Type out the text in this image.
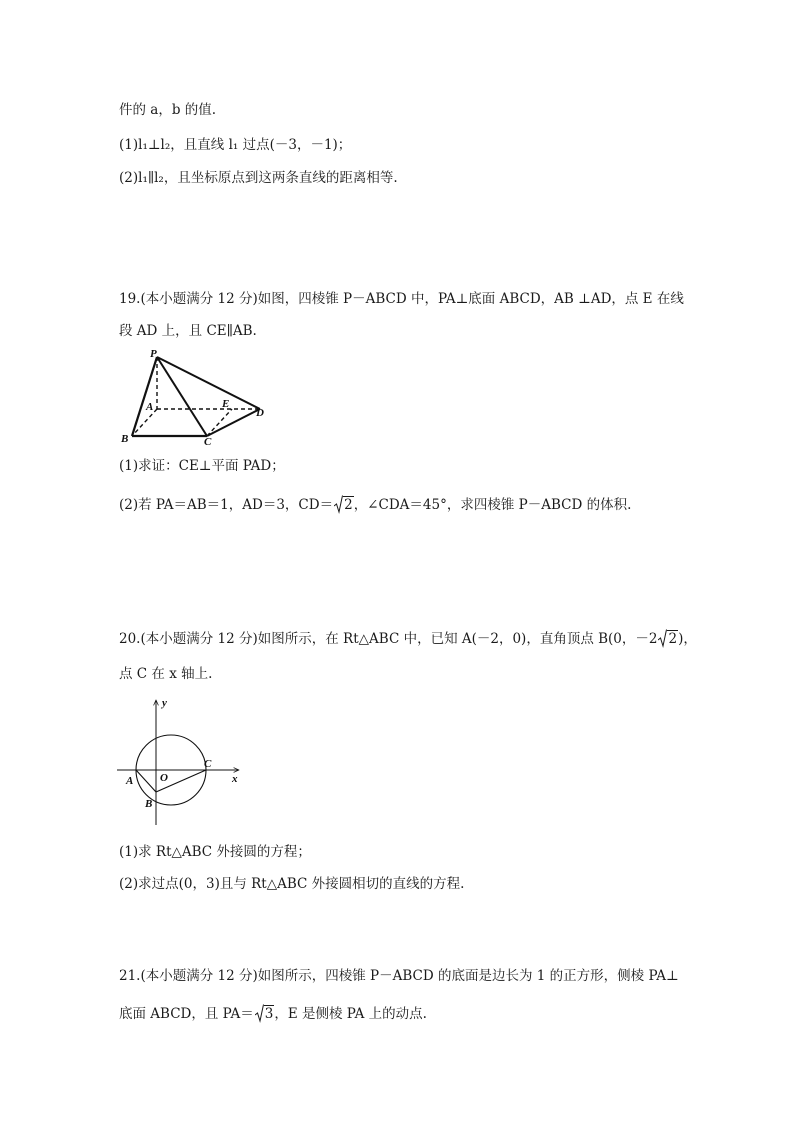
件的 a，b 的值.
(1)l₁⊥l₂，且直线 l₁ 过点(－3，－1)；
(2)l₁∥l₂，且坐标原点到这两条直线的距离相等.
19.(本小题满分 12 分)如图，四棱锥 P－ABCD 中，PA⊥底面 ABCD，AB ⊥AD，点 E 在线
段 AD 上，且 CE∥AB.
P
A
B	C
D
E
(1)求证：CE⊥平面 PAD；
(2)若 PA＝AB＝1，AD＝3，CD＝ 2，∠CDA＝45°，求四棱锥 P－ABCD 的体积.
20.(本小题满分 12 分)如图所示，在 Rt△ABC 中，已知 A(－2，0)，直角顶点 B(0，－2 2)，
点 C 在 x 轴上.
y
x
O
A
B
C
(1)求 Rt△ABC 外接圆的方程；
(2)求过点(0，3)且与 Rt△ABC 外接圆相切的直线的方程.
21.(本小题满分 12 分)如图所示，四棱锥 P－ABCD 的底面是边长为 1 的正方形，侧棱 PA⊥
底面 ABCD，且 PA＝ 3，E 是侧棱 PA 上的动点.
